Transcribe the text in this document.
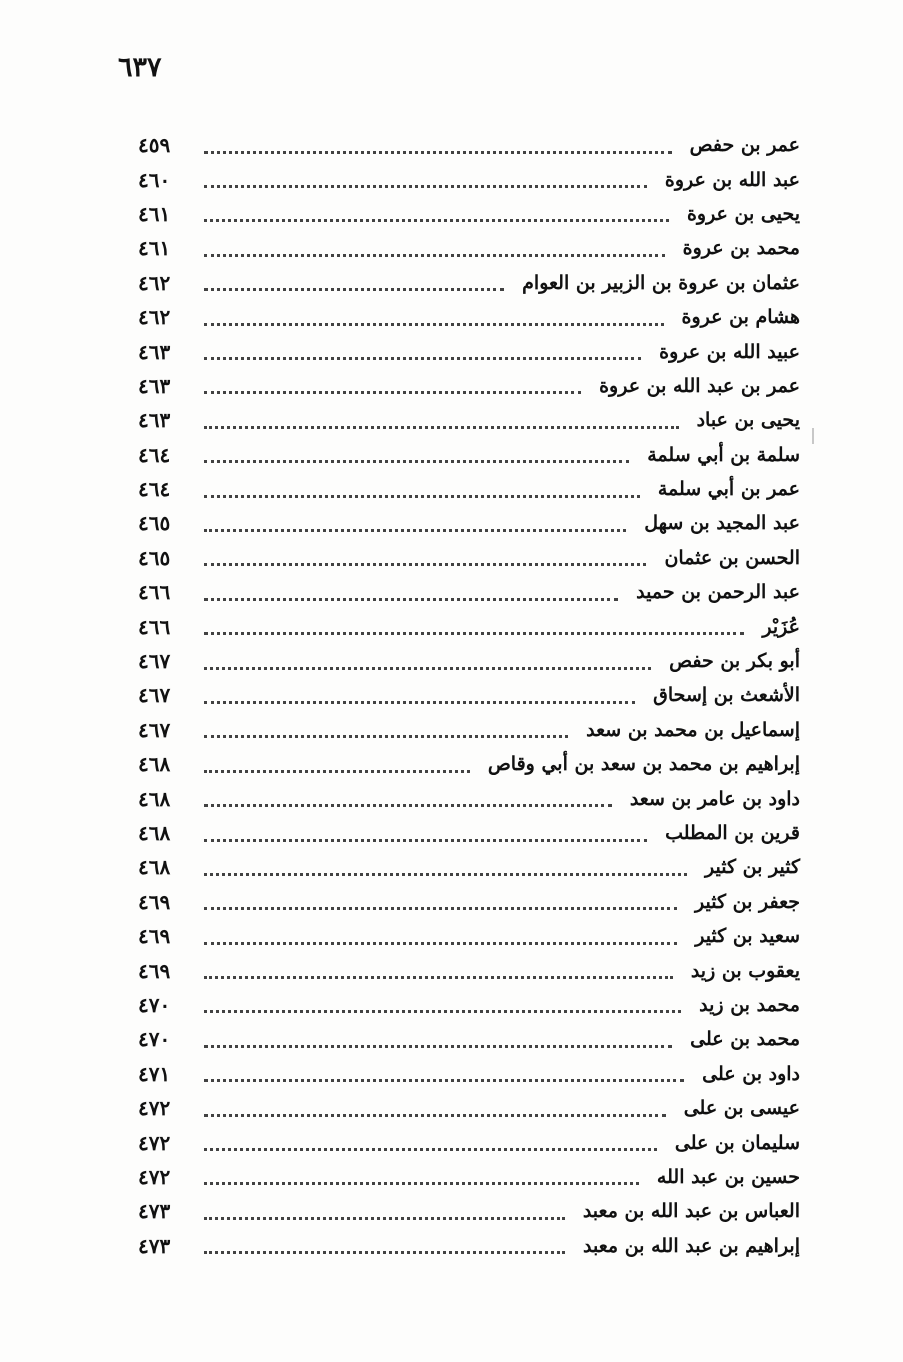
٦٣٧
عمر بن حفص
٤٥٩
عبد الله بن عروة
٤٦٠
يحيى بن عروة
٤٦١
محمد بن عروة
٤٦١
عثمان بن عروة بن الزبير بن العوام
٤٦٢
هشام بن عروة
٤٦٢
عبيد الله بن عروة
٤٦٣
عمر بن عبد الله بن عروة
٤٦٣
يحيى بن عباد
٤٦٣
سلمة بن أبي سلمة
٤٦٤
عمر بن أبي سلمة
٤٦٤
عبد المجيد بن سهل
٤٦٥
الحسن بن عثمان
٤٦٥
عبد الرحمن بن حميد
٤٦٦
عُزَيْر
٤٦٦
أبو بكر بن حفص
٤٦٧
الأشعث بن إسحاق
٤٦٧
إسماعيل بن محمد بن سعد
٤٦٧
إبراهيم بن محمد بن سعد بن أبي وقاص
٤٦٨
داود بن عامر بن سعد
٤٦٨
قرين بن المطلب
٤٦٨
كثير بن كثير
٤٦٨
جعفر بن كثير
٤٦٩
سعيد بن كثير
٤٦٩
يعقوب بن زيد
٤٦٩
محمد بن زيد
٤٧٠
محمد بن على
٤٧٠
داود بن على
٤٧١
عيسى بن على
٤٧٢
سليمان بن على
٤٧٢
حسين بن عبد الله
٤٧٢
العباس بن عبد الله بن معبد
٤٧٣
إبراهيم بن عبد الله بن معبد
٤٧٣
